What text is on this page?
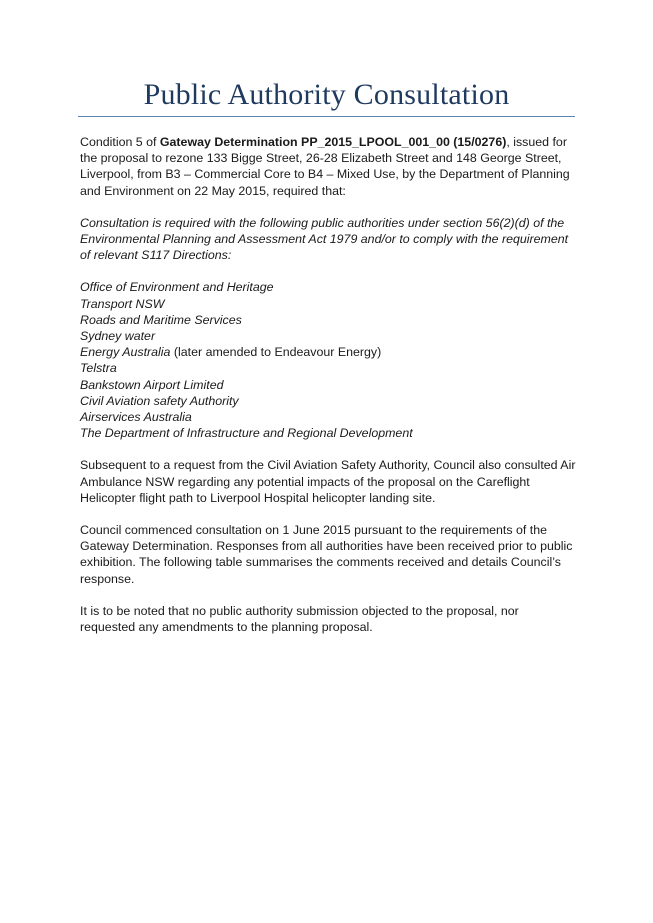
Public Authority Consultation

Condition 5 of Gateway Determination PP_2015_LPOOL_001_00 (15/0276), issued for the proposal to rezone 133 Bigge Street, 26-28 Elizabeth Street and 148 George Street, Liverpool, from B3 – Commercial Core to B4 – Mixed Use, by the Department of Planning and Environment on 22 May 2015, required that:

Consultation is required with the following public authorities under section 56(2)(d) of the Environmental Planning and Assessment Act 1979 and/or to comply with the requirement of relevant S117 Directions:

Office of Environment and Heritage
Transport NSW
Roads and Maritime Services
Sydney water
Energy Australia (later amended to Endeavour Energy)
Telstra
Bankstown Airport Limited
Civil Aviation safety Authority
Airservices Australia
The Department of Infrastructure and Regional Development

Subsequent to a request from the Civil Aviation Safety Authority, Council also consulted Air Ambulance NSW regarding any potential impacts of the proposal on the Careflight Helicopter flight path to Liverpool Hospital helicopter landing site.

Council commenced consultation on 1 June 2015 pursuant to the requirements of the Gateway Determination. Responses from all authorities have been received prior to public exhibition. The following table summarises the comments received and details Council’s response.

It is to be noted that no public authority submission objected to the proposal, nor requested any amendments to the planning proposal.
